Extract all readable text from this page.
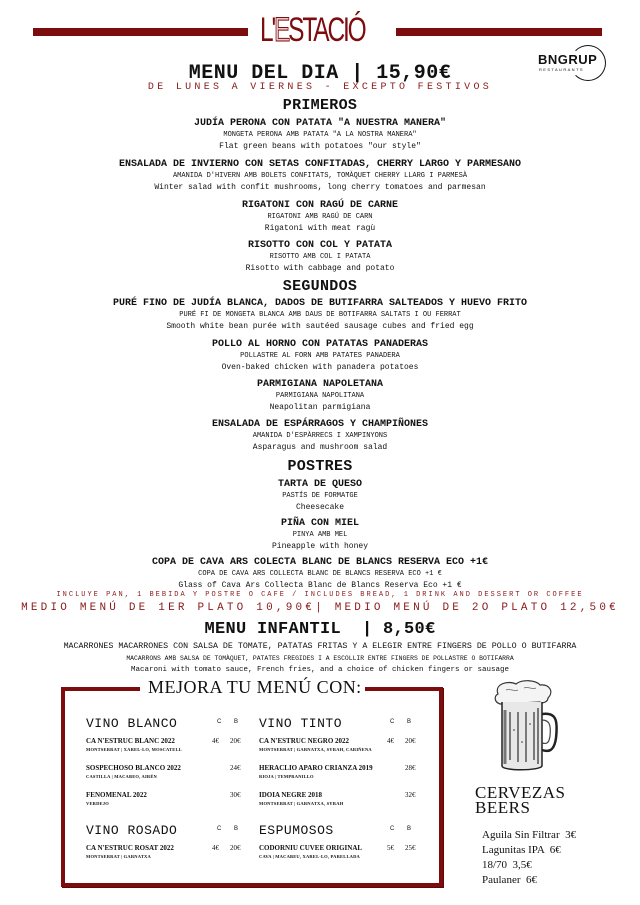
L'ESTACIÓ
BNGRUP
RESTAURANTS
MENU DEL DIA | 15,90€
DE LUNES A VIERNES - EXCEPTO FESTIVOS
PRIMEROS
JUDÍA PERONA CON PATATA "A NUESTRA MANERA"
MONGETA PERONA AMB PATATA "A LA NOSTRA MANERA"
Flat green beans with potatoes "our style"
ENSALADA DE INVIERNO CON SETAS CONFITADAS, CHERRY LARGO Y PARMESANO
AMANIDA D'HIVERN AMB BOLETS CONFITATS, TOMÀQUET CHERRY LLARG I PARMESÀ
Winter salad with confit mushrooms, long cherry tomatoes and parmesan
RIGATONI CON RAGÚ DE CARNE
RIGATONI AMB RAGÚ DE CARN
Rigatoni with meat ragù
RISOTTO CON COL Y PATATA
RISOTTO AMB COL I PATATA
Risotto with cabbage and potato
SEGUNDOS
PURÉ FINO DE JUDÍA BLANCA, DADOS DE BUTIFARRA SALTEADOS Y HUEVO FRITO
PURÉ FI DE MONGETA BLANCA AMB DAUS DE BOTIFARRA SALTATS I OU FERRAT
Smooth white bean purée with sautéed sausage cubes and fried egg
POLLO AL HORNO CON PATATAS PANADERAS
POLLASTRE AL FORN AMB PATATES PANADERA
Oven-baked chicken with panadera potatoes
PARMIGIANA NAPOLETANA
PARMIGIANA NAPOLITANA
Neapolitan parmigiana
ENSALADA DE ESPÁRRAGOS Y CHAMPIÑONES
AMANIDA D'ESPÀRRECS I XAMPINYONS
Asparagus and mushroom salad
POSTRES
TARTA DE QUESO
PASTÍS DE FORMATGE
Cheesecake
PIÑA CON MIEL
PINYA AMB MEL
Pineapple with honey
COPA DE CAVA ARS COLECTA BLANC DE BLANCS RESERVA ECO +1€
COPA DE CAVA ARS COLLECTA BLANC DE BLANCS RESERVA ECO +1 €
Glass of Cava Ars Collecta Blanc de Blancs Reserva Eco +1 €
INCLUYE PAN, 1 BEBIDA Y POSTRE O CAFE / INCLUDES BREAD, 1 DRINK AND DESSERT OR COFFEE
MEDIO MENÚ DE 1ER PLATO 10,90€| MEDIO MENÚ DE 2O PLATO 12,50€
MENU INFANTIL  | 8,50€
MACARRONES MACARRONES CON SALSA DE TOMATE, PATATAS FRITAS Y A ELEGIR ENTRE FINGERS DE POLLO O BUTIFARRA
MACARRONS AMB SALSA DE TOMÀQUET, PATATES FREGIDES I A ESCOLLIR ENTRE FINGERS DE POLLASTRE O BOTIFARRA
Macaroni with tomato sauce, French fries, and a choice of chicken fingers or sausage
MEJORA TU MENÚ CON:
VINO BLANCO	C B
CA N'ESTRUC BLANC 2022
MONTSERRAT | XAREL·LO, MOSCATELL
4€ 20€
SOSPECHOSO BLANCO 2022
CASTILLA | MACABEO, AIRÉN
24€
FENOMENAL 2022
VERDEJO
30€
VINO TINTO	C B
CA N'ESTRUC NEGRO 2022
MONTSERRAT | GARNATXA, SYRAH, CARIÑENA
4€ 20€
HERACLIO APARO CRIANZA 2019
RIOJA | TEMPRANILLO
28€
IDOIA NEGRE 2018
MONTSERRAT | GARNATXA, SYRAH
32€
VINO ROSADO	C B
CA N'ESTRUC ROSAT 2022
MONTSERRAT | GARNATXA
4€ 20€
ESPUMOSOS	C B
CODORNIU CUVEE ORIGINAL
CAVA | MACABEU, XAREL·LO, PARELLADA
5€ 25€
CERVEZAS
BEERS
Aguila Sin Filtrar  3€
Lagunitas IPA  6€
18/70  3,5€
Paulaner  6€
